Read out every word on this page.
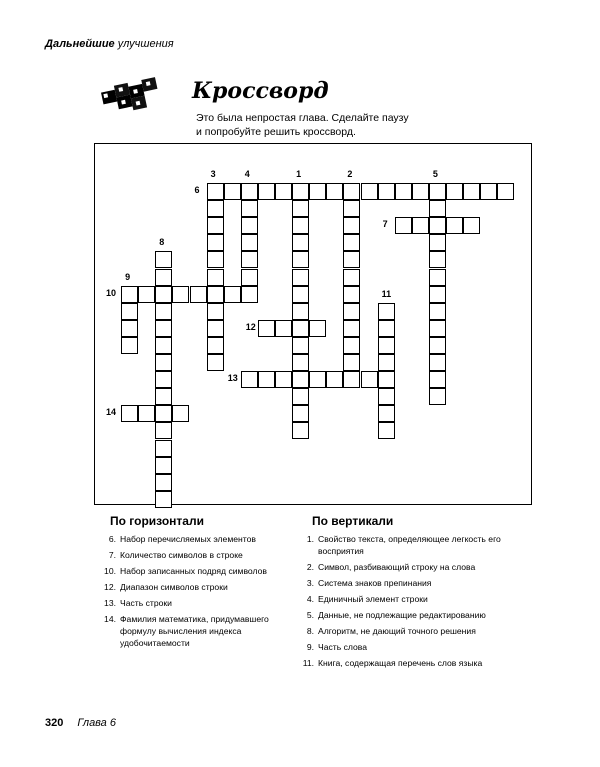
Дальнейшие улучшения
Кроссворд
Это была непростая глава. Сделайте паузу
и попробуйте решить кроссворд.
1	2
3	4	5
6
7
8
9
10	11
12
13
14
По горизонтали	По вертикали
6. Набор перечисляемых элементов
7. Количество символов в строке
10. Набор записанных подряд символов
12. Диапазон символов строки
13. Часть строки
14. Фамилия математика, придумавшего формулу вычисления индекса удобочитаемости
1. Свойство текста, определяющее легкость его восприятия
2. Символ, разбивающий строку на слова
3. Система знаков препинания
4. Единичный элемент строки
5. Данные, не подлежащие редактированию
8. Алгоритм, не дающий точного решения
9. Часть слова
11. Книга, содержащая перечень слов языка
320 Глава 6
